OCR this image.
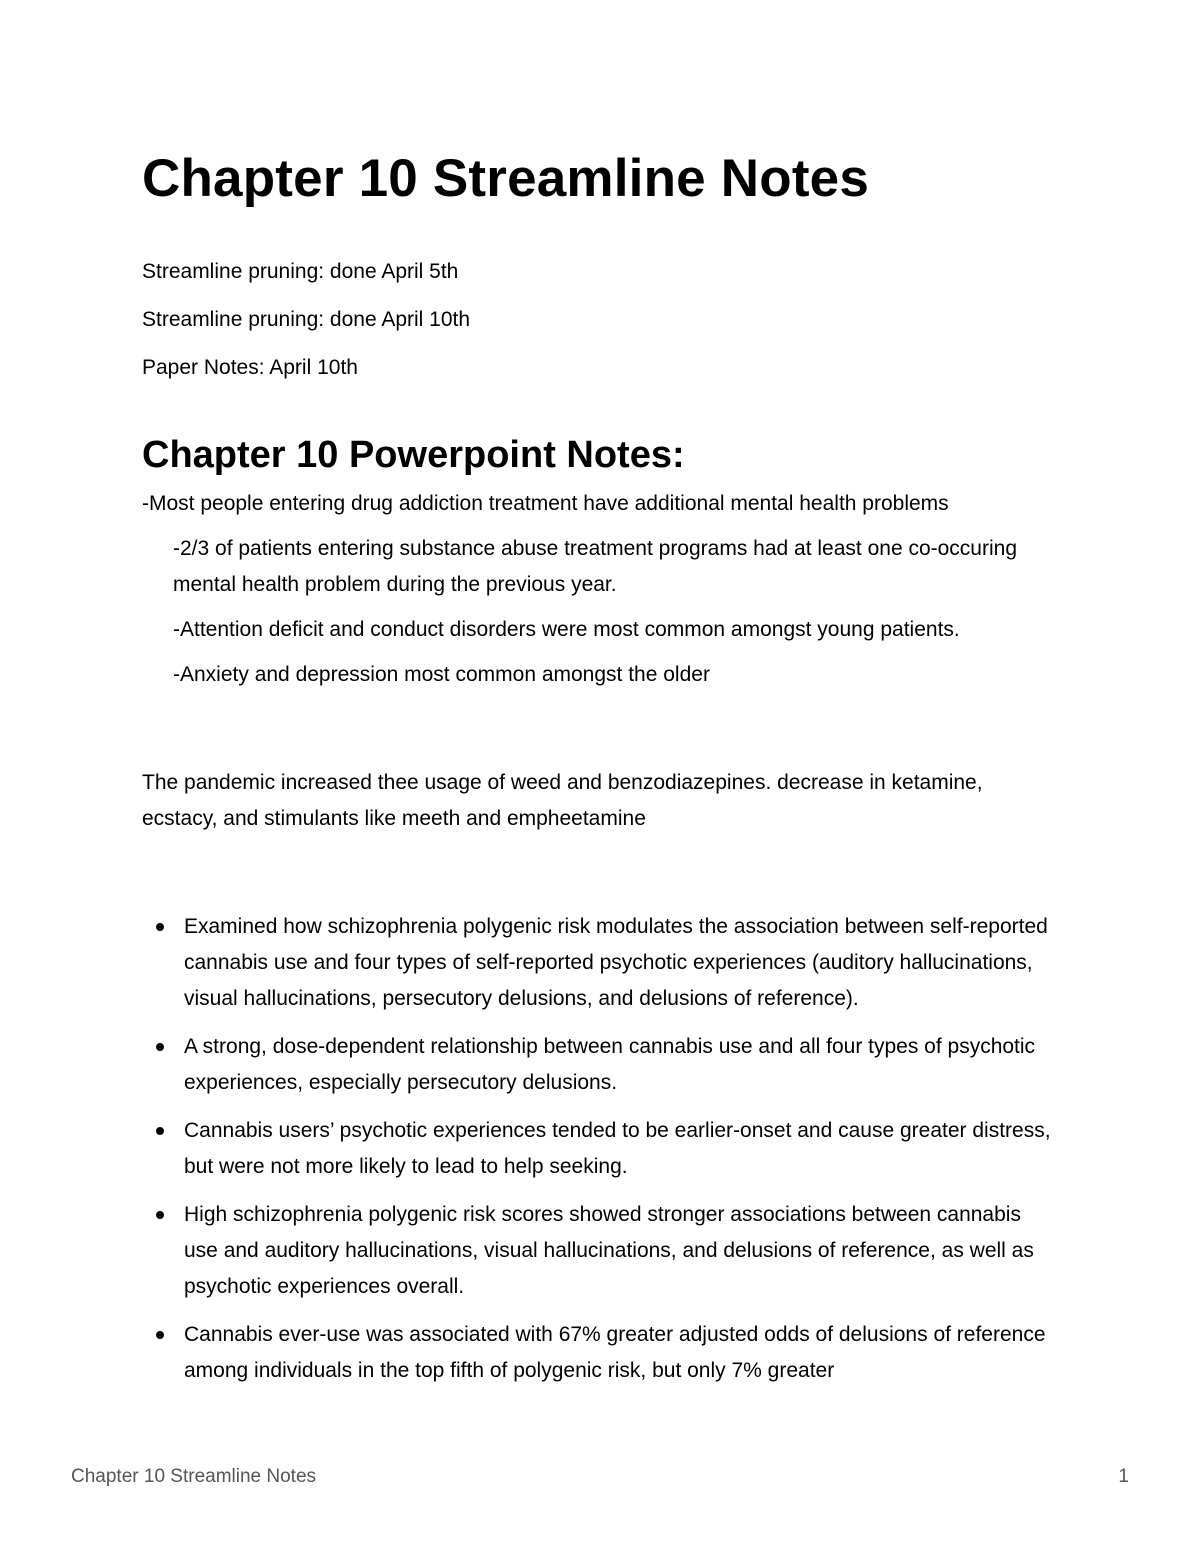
Chapter 10 Streamline Notes

Streamline pruning: done April 5th

Streamline pruning: done April 10th

Paper Notes: April 10th

Chapter 10 Powerpoint Notes:

-Most people entering drug addiction treatment have additional mental health problems

-2/3 of patients entering substance abuse treatment programs had at least one co-occuring mental health problem during the previous year.

-Attention deficit and conduct disorders were most common amongst young patients.

-Anxiety and depression most common amongst the older

The pandemic increased thee usage of weed and benzodiazepines. decrease in ketamine, ecstacy, and stimulants like meeth and empheetamine

Examined how schizophrenia polygenic risk modulates the association between self-reported cannabis use and four types of self-reported psychotic experiences (auditory hallucinations, visual hallucinations, persecutory delusions, and delusions of reference).
A strong, dose-dependent relationship between cannabis use and all four types of psychotic experiences, especially persecutory delusions.
Cannabis users’ psychotic experiences tended to be earlier-onset and cause greater distress, but were not more likely to lead to help seeking.
High schizophrenia polygenic risk scores showed stronger associations between cannabis use and auditory hallucinations, visual hallucinations, and delusions of reference, as well as psychotic experiences overall.
Cannabis ever-use was associated with 67% greater adjusted odds of delusions of reference among individuals in the top fifth of polygenic risk, but only 7% greater
Chapter 10 Streamline Notes	1
